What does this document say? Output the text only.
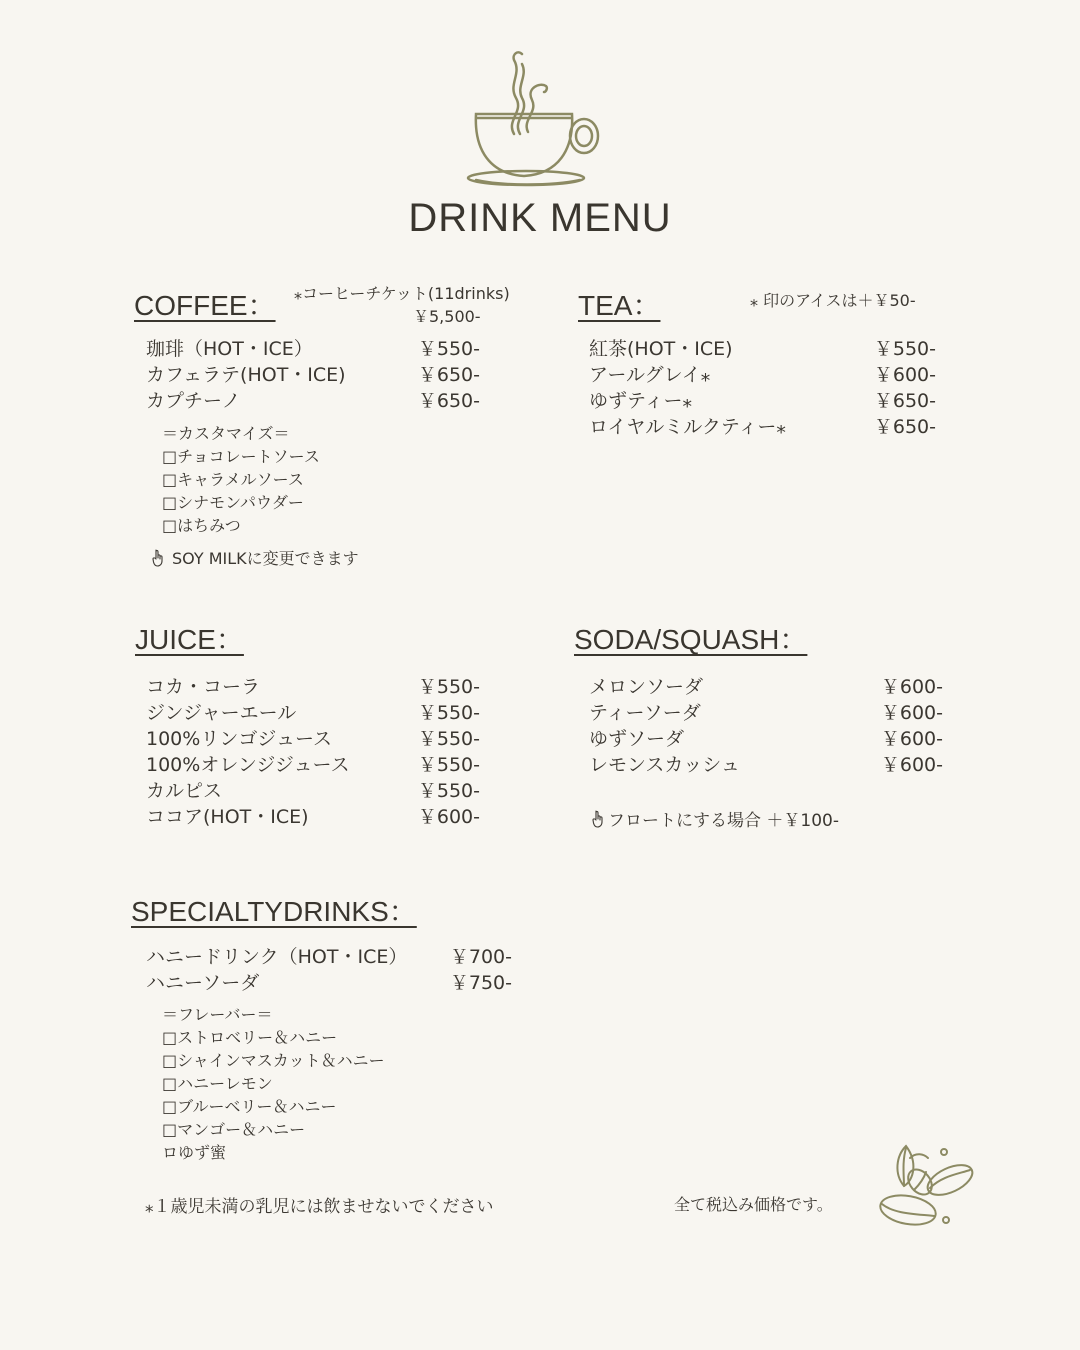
DRINK MENU
COFFEE： ⁎コーヒーチケット(11drinks)
￥5,500-
珈琲（HOT・ICE）	￥550-
カフェラテ(HOT・ICE)	￥650-
カプチーノ	￥650-
＝カスタマイズ＝
□チョコレートソース
□キャラメルソース
□シナモンパウダー
□はちみつ
SOY MILKに変更できます
TEA：	⁎ 印のアイスは＋￥50-
紅茶(HOT・ICE)	￥550-
アールグレイ⁎	￥600-
ゆずティー⁎	￥650-
ロイヤルミルクティー⁎	￥650-
JUICE：
コカ・コーラ	￥550-
ジンジャーエール	￥550-
100%リンゴジュース	￥550-
100%オレンジジュース	￥550-
カルピス	￥550-
ココア(HOT・ICE)	￥600-
SODA/SQUASH：
メロンソーダ	￥600-
ティーソーダ	￥600-
ゆずソーダ	￥600-
レモンスカッシュ	￥600-
フロートにする場合 ＋￥100-
SPECIALTYDRINKS：
ハニードリンク（HOT・ICE） ￥700-
ハニーソーダ	￥750-
＝フレーバー＝
□ストロベリー＆ハニー
□シャインマスカット＆ハニー
□ハニーレモン
□ブルーベリー＆ハニー
□マンゴー＆ハニー
ロゆず蜜
⁎１歳児未満の乳児には飲ませないでください	全て税込み価格です。
